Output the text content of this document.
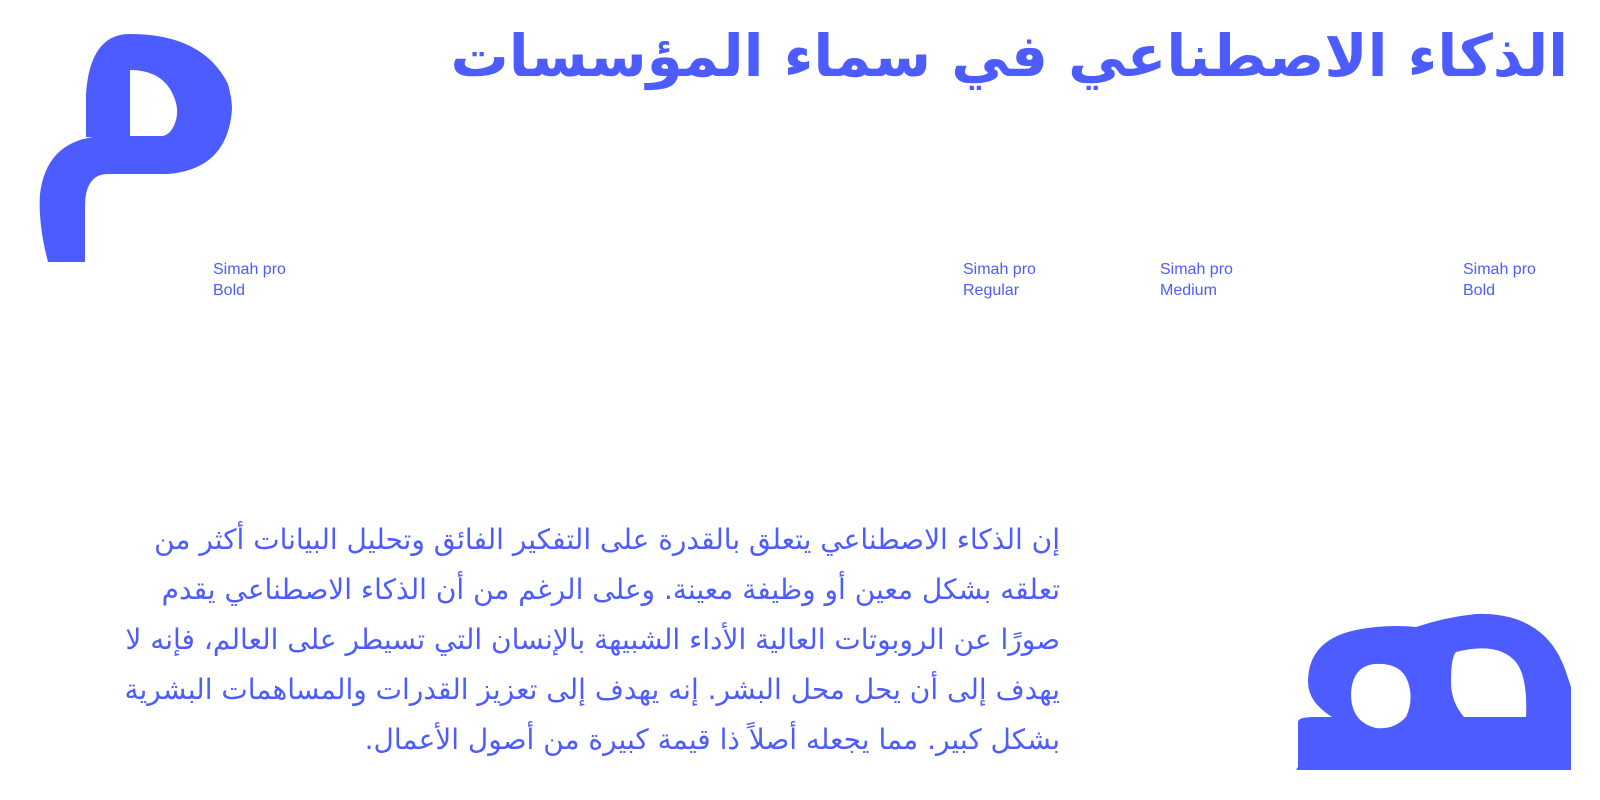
الذكاء الاصطناعي في سماء المؤسسات
Simah pro
Bold
Simah pro
Regular
Simah pro
Medium
Simah pro
Bold
إن الذكاء الاصطناعي يتعلق بالقدرة على التفكير الفائق وتحليل البيانات أكثر من
تعلقه بشكل معين أو وظيفة معينة. وعلى الرغم من أن الذكاء الاصطناعي يقدم
صورًا عن الروبوتات العالية الأداء الشبيهة بالإنسان التي تسيطر على العالم، فإنه لا
يهدف إلى أن يحل محل البشر. إنه يهدف إلى تعزيز القدرات والمساهمات البشرية
بشكل كبير. مما يجعله أصلاً ذا قيمة كبيرة من أصول الأعمال.
